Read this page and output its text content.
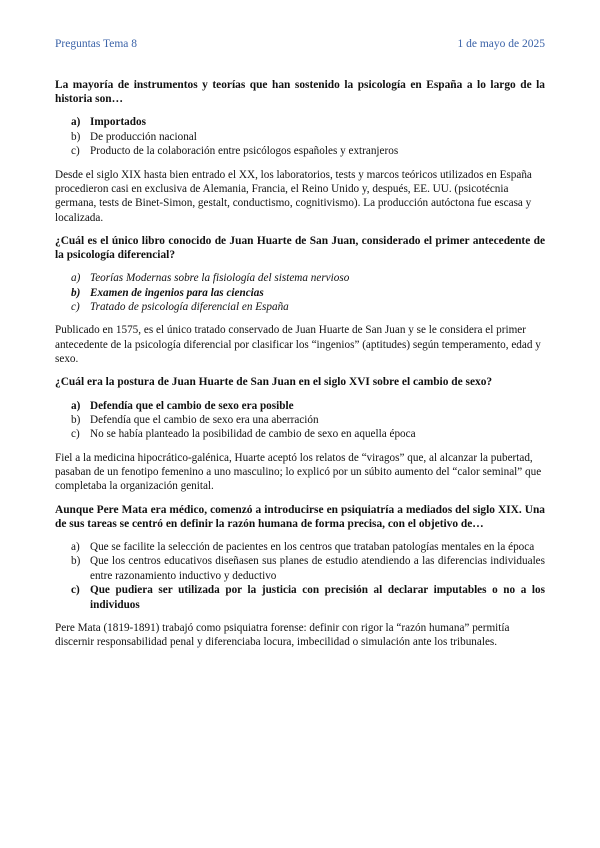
Preguntas Tema 8	1 de mayo de 2025

La mayoría de instrumentos y teorías que han sostenido la psicología en España a lo largo de la historia son…

a) Importados
b) De producción nacional
c) Producto de la colaboración entre psicólogos españoles y extranjeros

Desde el siglo XIX hasta bien entrado el XX, los laboratorios, tests y marcos teóricos utilizados en España procedieron casi en exclusiva de Alemania, Francia, el Reino Unido y, después, EE. UU. (psicotécnia germana, tests de Binet-Simon, gestalt, conductismo, cognitivismo). La producción autóctona fue escasa y localizada.

¿Cuál es el único libro conocido de Juan Huarte de San Juan, considerado el primer antecedente de la psicología diferencial?

a) Teorías Modernas sobre la fisiología del sistema nervioso
b) Examen de ingenios para las ciencias
c) Tratado de psicología diferencial en España

Publicado en 1575, es el único tratado conservado de Juan Huarte de San Juan y se le considera el primer antecedente de la psicología diferencial por clasificar los “ingenios” (aptitudes) según temperamento, edad y sexo.

¿Cuál era la postura de Juan Huarte de San Juan en el siglo XVI sobre el cambio de sexo?

a) Defendía que el cambio de sexo era posible
b) Defendía que el cambio de sexo era una aberración
c) No se había planteado la posibilidad de cambio de sexo en aquella época

Fiel a la medicina hipocrático-galénica, Huarte aceptó los relatos de “viragos” que, al alcanzar la pubertad, pasaban de un fenotipo femenino a uno masculino; lo explicó por un súbito aumento del “calor seminal” que completaba la organización genital.

Aunque Pere Mata era médico, comenzó a introducirse en psiquiatría a mediados del siglo XIX. Una de sus tareas se centró en definir la razón humana de forma precisa, con el objetivo de…

a) Que se facilite la selección de pacientes en los centros que trataban patologías mentales en la época
b) Que los centros educativos diseñasen sus planes de estudio atendiendo a las diferencias individuales entre razonamiento inductivo y deductivo
c) Que pudiera ser utilizada por la justicia con precisión al declarar imputables o no a los individuos

Pere Mata (1819-1891) trabajó como psiquiatra forense: definir con rigor la “razón humana” permitía discernir responsabilidad penal y diferenciaba locura, imbecilidad o simulación ante los tribunales.
